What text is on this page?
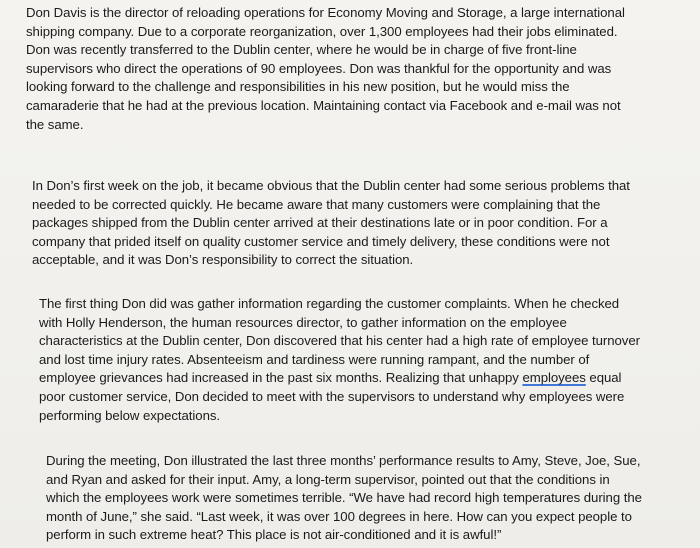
Don Davis is the director of reloading operations for Economy Moving and Storage, a large international
shipping company. Due to a corporate reorganization, over 1,300 employees had their jobs eliminated.
Don was recently transferred to the Dublin center, where he would be in charge of five front-line
supervisors who direct the operations of 90 employees. Don was thankful for the opportunity and was
looking forward to the challenge and responsibilities in his new position, but he would miss the
camaraderie that he had at the previous location. Maintaining contact via Facebook and e-mail was not
the same.
In Don’s first week on the job, it became obvious that the Dublin center had some serious problems that
needed to be corrected quickly. He became aware that many customers were complaining that the
packages shipped from the Dublin center arrived at their destinations late or in poor condition. For a
company that prided itself on quality customer service and timely delivery, these conditions were not
acceptable, and it was Don’s responsibility to correct the situation.
The first thing Don did was gather information regarding the customer complaints. When he checked
with Holly Henderson, the human resources director, to gather information on the employee
characteristics at the Dublin center, Don discovered that his center had a high rate of employee turnover
and lost time injury rates. Absenteeism and tardiness were running rampant, and the number of
employee grievances had increased in the past six months. Realizing that unhappy employees equal
poor customer service, Don decided to meet with the supervisors to understand why employees were
performing below expectations.
During the meeting, Don illustrated the last three months’ performance results to Amy, Steve, Joe, Sue,
and Ryan and asked for their input. Amy, a long-term supervisor, pointed out that the conditions in
which the employees work were sometimes terrible. “We have had record high temperatures during the
month of June,” she said. “Last week, it was over 100 degrees in here. How can you expect people to
perform in such extreme heat? This place is not air-conditioned and it is awful!”
